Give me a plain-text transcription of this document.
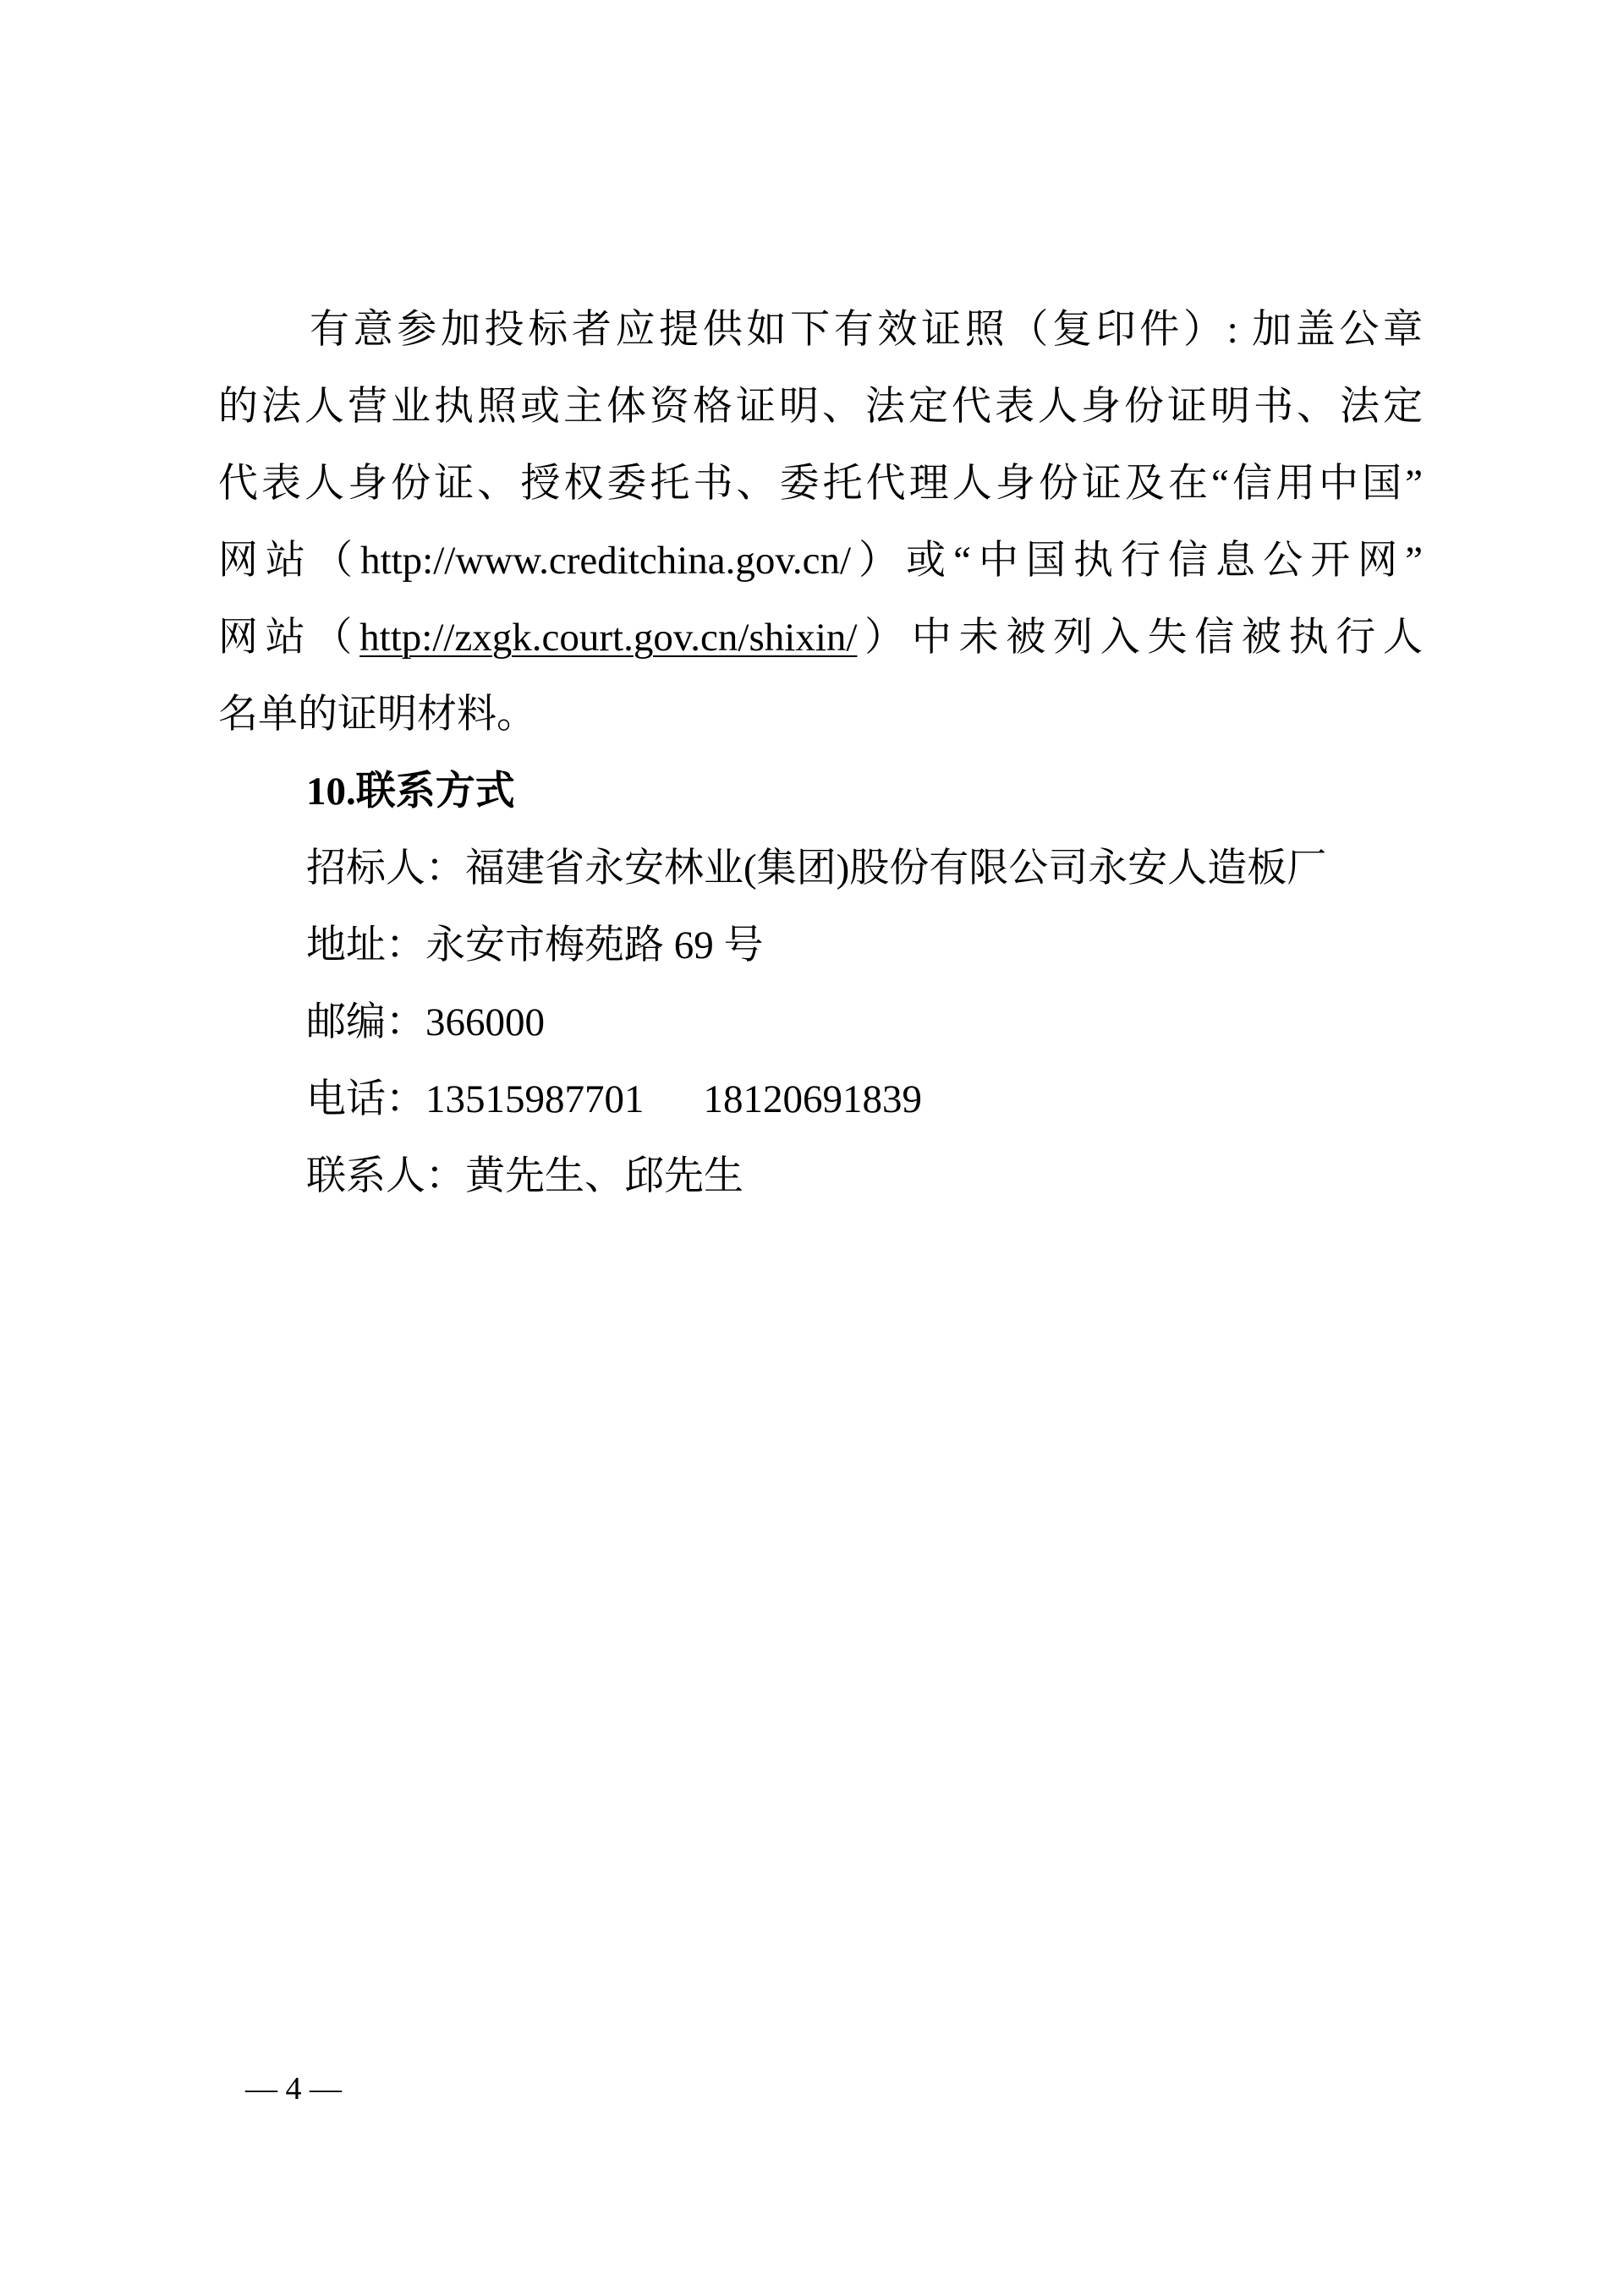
有意参加投标者应提供如下有效证照（复印件）: 加盖公章
的法人营业执照或主体资格证明、法定代表人身份证明书、法定
代表人身份证、授权委托书、委托代理人身份证及在“信用中国”
网站（http://www.creditchina.gov.cn/）或“中国执行信息公开网”
网站（http://zxgk.court.gov.cn/shixin/）中未被列入失信被执行人
名单的证明材料。
10.联系方式
招标人：福建省永安林业(集团)股份有限公司永安人造板厂
地址：永安市梅苑路 69 号
邮编：366000
电话：13515987701 18120691839
联系人：黄先生、邱先生
— 4 —
